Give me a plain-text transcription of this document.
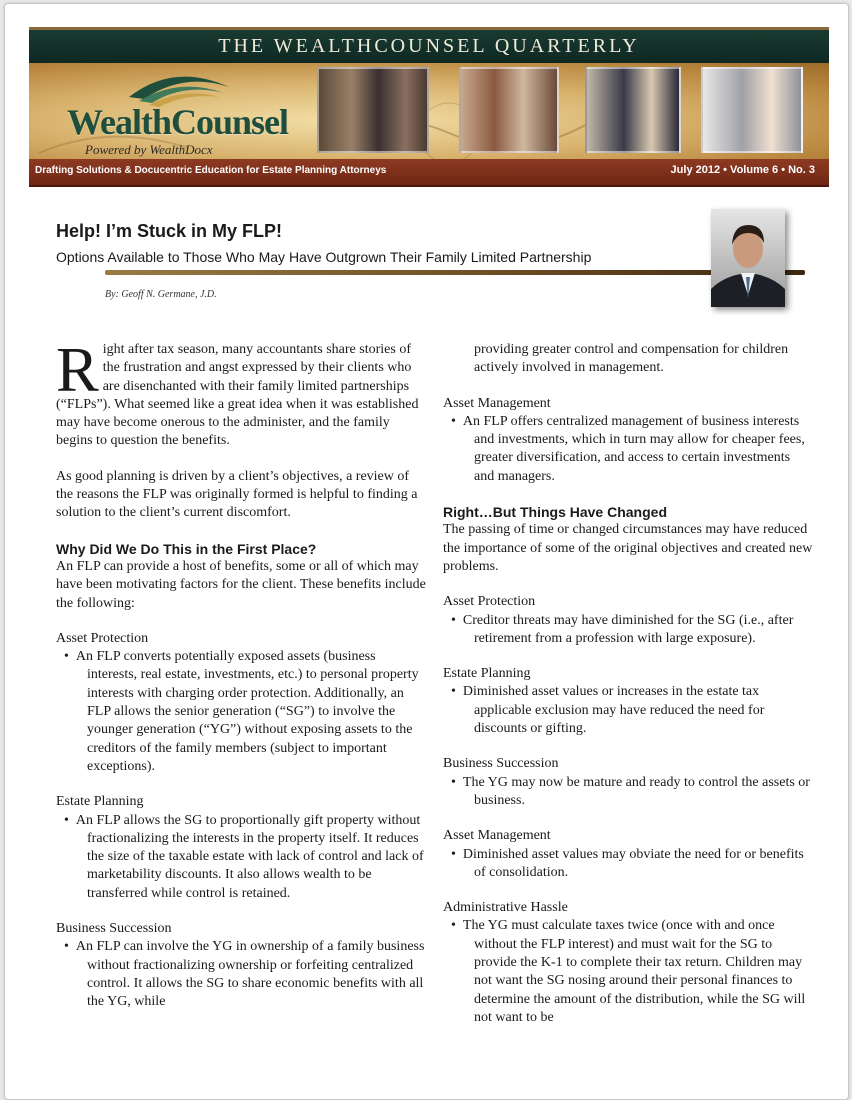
THE WEALTHCOUNSEL QUARTERLY
WealthCounsel
Powered by WealthDocx
Drafting Solutions & Docucentric Education for Estate Planning Attorneys	July 2012 • Volume 6 • No. 3
Help! I’m Stuck in My FLP!
Options Available to Those Who May Have Outgrown Their Family Limited Partnership
By: Geoff N. Germane, J.D.

Right after tax season, many accountants share stories of the frustration and angst expressed by their clients who are disenchanted with their family limited partnerships (“FLPs”). What seemed like a great idea when it was established may have become onerous to the administer, and the family begins to question the benefits.

As good planning is driven by a client’s objectives, a review of the reasons the FLP was originally formed is helpful to finding a solution to the client’s current discomfort.

Why Did We Do This in the First Place?

An FLP can provide a host of benefits, some or all of which may have been motivating factors for the client. These benefits include the following:

Asset Protection

• An FLP converts potentially exposed assets (business interests, real estate, investments, etc.) to personal property interests with charging order protection. Additionally, an FLP allows the senior generation (“SG”) to involve the younger generation (“YG”) without exposing assets to the creditors of the family members (subject to important exceptions).

Estate Planning

• An FLP allows the SG to proportionally gift property without fractionalizing the interests in the property itself. It reduces the size of the taxable estate with lack of control and lack of marketability discounts. It also allows wealth to be transferred while control is retained.

Business Succession

• An FLP can involve the YG in ownership of a family business without fractionalizing ownership or forfeiting centralized control. It allows the SG to share economic benefits with all the YG, while

providing greater control and compensation for children actively involved in management.

Asset Management

• An FLP offers centralized management of business interests and investments, which in turn may allow for cheaper fees, greater diversification, and access to certain investments and managers.
Right…But Things Have Changed

The passing of time or changed circumstances may have reduced the importance of some of the original objectives and created new problems.

Asset Protection

• Creditor threats may have diminished for the SG (i.e., after retirement from a profession with large exposure).

Estate Planning

• Diminished asset values or increases in the estate tax applicable exclusion may have reduced the need for discounts or gifting.

Business Succession

• The YG may now be mature and ready to control the assets or business.

Asset Management

• Diminished asset values may obviate the need for or benefits of consolidation.

Administrative Hassle

• The YG must calculate taxes twice (once with and once without the FLP interest) and must wait for the SG to provide the K-1 to complete their tax return. Children may not want the SG nosing around their personal finances to determine the amount of the distribution, while the SG will not want to be
